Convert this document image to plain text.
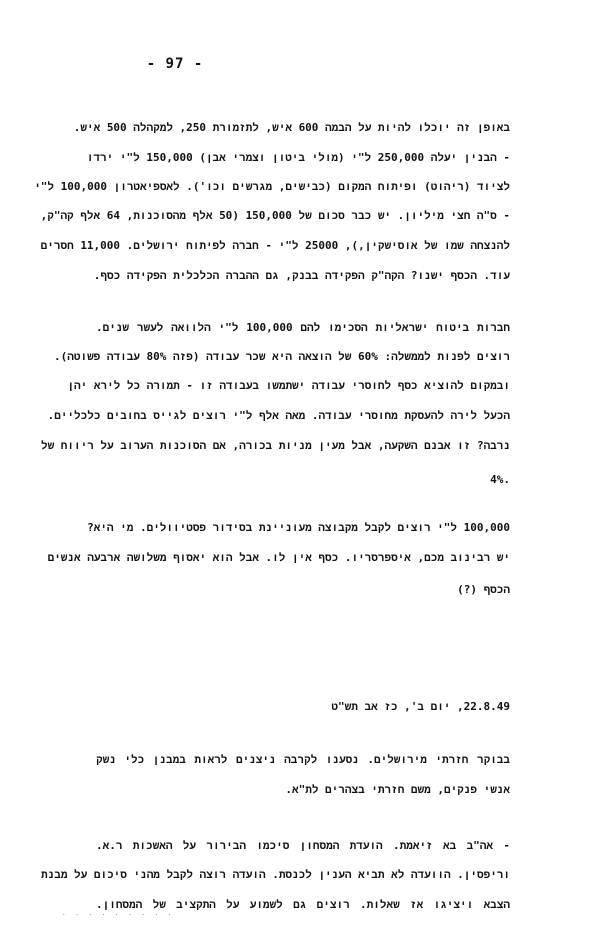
- 97 -
באופן זה יוכלו להיות על הבמה 600 איש, לתזמורת 250, למקהלה 500 איש.
- הבנין יעלה 250,000 ל"י (מולי ביטון וצמרי אבן) 150,000 ל"י ירדו
לציוד (ריהוט) ופיתוח המקום (כבישים, מגרשים וכו'). לאספיאטרון 100,000 ל"י
- ס"ה חצי מיליון. יש כבר סכום של 150,000 (50 אלף מהסוכנות, 64 אלף קה"ק,
להנצחה שמו של אוסישקין,), 25000 ל"י - חברה לפיתוח ירושלים. 11,000 חסרים
עוד. הכסף ישנו? הקה"ק הפקידה בבנק, גם ההברה הכלכלית הפקידה כסף.
חברות ביטוח ישראליות הסכימו להם 100,000 ל"י הלוואה לעשר שנים.
רוצים לפנות לממשלה: 60% של הוצאה היא שכר עבודה (פזה 80% עבודה פשוטה).
ובמקום להוציא כסף לחוסרי עבודה ישתמשו בעבודה זו - תמורה כל לירא יהן
הכעל לירה להעסקת מחוסרי עבודה. מאה אלף ל"י רוצים לגייס בחובים כלכליים.
נרבה? זו אבנם השקעה, אבל מעין מניות בכורה, אם הסוכנות הערוב על ריווח של
4%.
100,000 ל"י רוצים לקבל מקבוצה מעוניינת בסידור פסטיוולים. מי היא?
יש רבינוב מכם, איספרסריו. כסף אין לו. אבל הוא יאסוף משלושה ארבעה אנשים
הכסף (?)
22.8.49, יום ב', כז אב תש"ט
בבוקר חזרתי מירושלים. נסענו לקרבה ניצנים לראות במבנן כלי נשק
אנשי פנקים, משם חזרתי בצהרים לת"א.
- אה"ב בא זיאמת. הועדת המסחון סיכמו הבירור על האשכות ר.א.
וריפסין. הוועדה לא תביא הענין לכנסת. הועדה רוצה לקבל מהני סיכום על מבנת
הצבא ויציגו אז שאלות. רוצים גם לשמוע על התקציב של המסחון.
. . . . . . . . .
